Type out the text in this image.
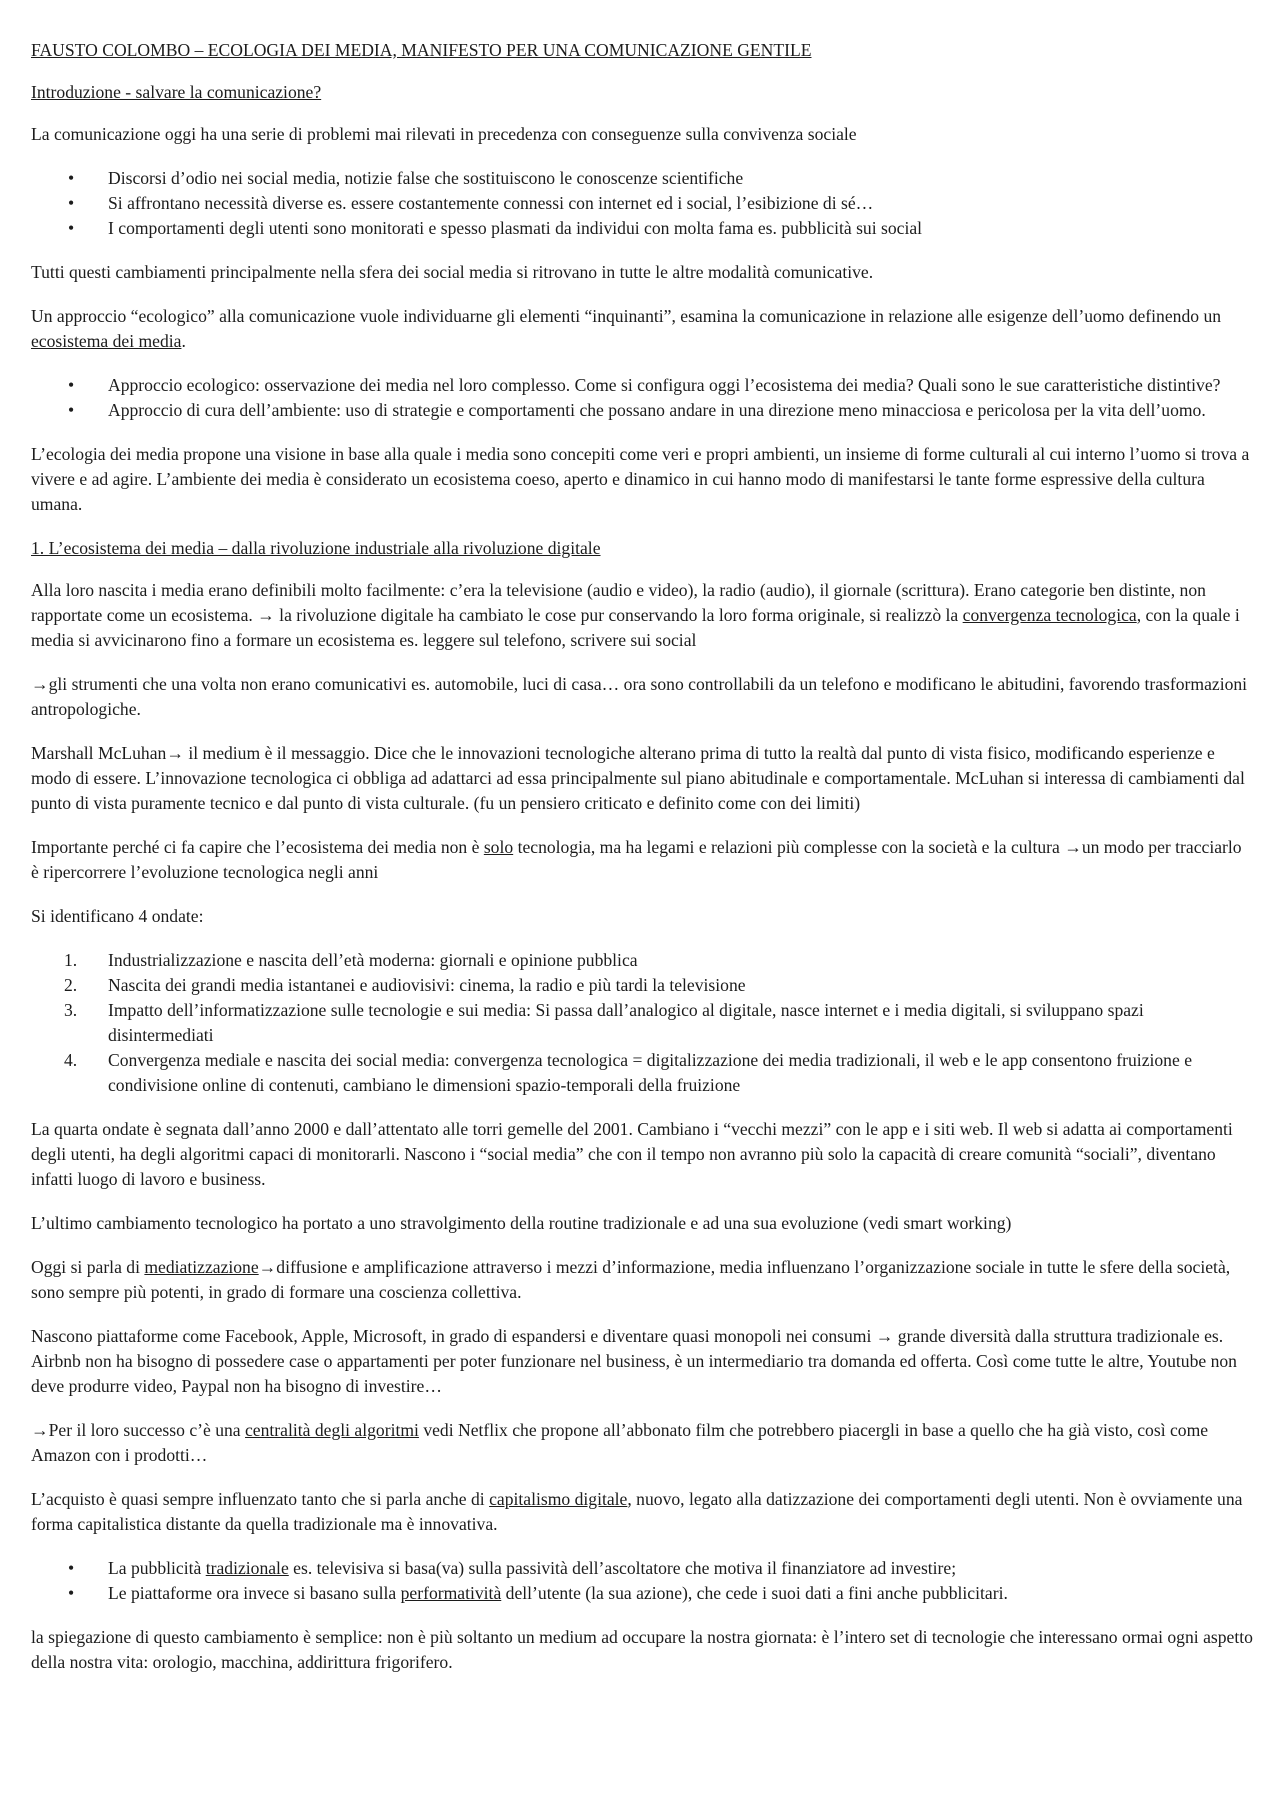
FAUSTO COLOMBO – ECOLOGIA DEI MEDIA, MANIFESTO PER UNA COMUNICAZIONE GENTILE

Introduzione - salvare la comunicazione?

La comunicazione oggi ha una serie di problemi mai rilevati in precedenza con conseguenze sulla convivenza sociale

•	Discorsi d’odio nei social media, notizie false che sostituiscono le conoscenze scientifiche
•	Si affrontano necessità diverse es. essere costantemente connessi con internet ed i social, l’esibizione di sé…
•	I comportamenti degli utenti sono monitorati e spesso plasmati da individui con molta fama es. pubblicità sui social

Tutti questi cambiamenti principalmente nella sfera dei social media si ritrovano in tutte le altre modalità comunicative.

Un approccio “ecologico” alla comunicazione vuole individuarne gli elementi “inquinanti”, esamina la comunicazione in relazione alle esigenze dell’uomo definendo un ecosistema dei media.

•	Approccio ecologico: osservazione dei media nel loro complesso. Come si configura oggi l’ecosistema dei media? Quali sono le sue caratteristiche distintive?
•	Approccio di cura dell’ambiente: uso di strategie e comportamenti che possano andare in una direzione meno minacciosa e pericolosa per la vita dell’uomo.

L’ecologia dei media propone una visione in base alla quale i media sono concepiti come veri e propri ambienti, un insieme di forme culturali al cui interno l’uomo si trova a vivere e ad agire. L’ambiente dei media è considerato un ecosistema coeso, aperto e dinamico in cui hanno modo di manifestarsi le tante forme espressive della cultura umana.

1. L’ecosistema dei media – dalla rivoluzione industriale alla rivoluzione digitale

Alla loro nascita i media erano definibili molto facilmente: c’era la televisione (audio e video), la radio (audio), il giornale (scrittura). Erano categorie ben distinte, non rapportate come un ecosistema. → la rivoluzione digitale ha cambiato le cose pur conservando la loro forma originale, si realizzò la convergenza tecnologica, con la quale i media si avvicinarono fino a formare un ecosistema es. leggere sul telefono, scrivere sui social

→gli strumenti che una volta non erano comunicativi es. automobile, luci di casa… ora sono controllabili da un telefono e modificano le abitudini, favorendo trasformazioni antropologiche.

Marshall McLuhan→ il medium è il messaggio. Dice che le innovazioni tecnologiche alterano prima di tutto la realtà dal punto di vista fisico, modificando esperienze e modo di essere. L’innovazione tecnologica ci obbliga ad adattarci ad essa principalmente sul piano abitudinale e comportamentale. McLuhan si interessa di cambiamenti dal punto di vista puramente tecnico e dal punto di vista culturale. (fu un pensiero criticato e definito come con dei limiti)

Importante perché ci fa capire che l’ecosistema dei media non è solo tecnologia, ma ha legami e relazioni più complesse con la società e la cultura →un modo per tracciarlo è ripercorrere l’evoluzione tecnologica negli anni

Si identificano 4 ondate:

1.	Industrializzazione e nascita dell’età moderna: giornali e opinione pubblica
2.	Nascita dei grandi media istantanei e audiovisivi: cinema, la radio e più tardi la televisione
3.	Impatto dell’informatizzazione sulle tecnologie e sui media: Si passa dall’analogico al digitale, nasce internet e i media digitali, si sviluppano spazi disintermediati
4.	Convergenza mediale e nascita dei social media: convergenza tecnologica = digitalizzazione dei media tradizionali, il web e le app consentono fruizione e condivisione online di contenuti, cambiano le dimensioni spazio-temporali della fruizione

La quarta ondate è segnata dall’anno 2000 e dall’attentato alle torri gemelle del 2001. Cambiano i “vecchi mezzi” con le app e i siti web. Il web si adatta ai comportamenti degli utenti, ha degli algoritmi capaci di monitorarli. Nascono i “social media” che con il tempo non avranno più solo la capacità di creare comunità “sociali”, diventano infatti luogo di lavoro e business.

L’ultimo cambiamento tecnologico ha portato a uno stravolgimento della routine tradizionale e ad una sua evoluzione (vedi smart working)

Oggi si parla di mediatizzazione→diffusione e amplificazione attraverso i mezzi d’informazione, media influenzano l’organizzazione sociale in tutte le sfere della società, sono sempre più potenti, in grado di formare una coscienza collettiva.

Nascono piattaforme come Facebook, Apple, Microsoft, in grado di espandersi e diventare quasi monopoli nei consumi → grande diversità dalla struttura tradizionale es. Airbnb non ha bisogno di possedere case o appartamenti per poter funzionare nel business, è un intermediario tra domanda ed offerta. Così come tutte le altre, Youtube non deve produrre video, Paypal non ha bisogno di investire…

→Per il loro successo c’è una centralità degli algoritmi vedi Netflix che propone all’abbonato film che potrebbero piacergli in base a quello che ha già visto, così come Amazon con i prodotti…

L’acquisto è quasi sempre influenzato tanto che si parla anche di capitalismo digitale, nuovo, legato alla datizzazione dei comportamenti degli utenti. Non è ovviamente una forma capitalistica distante da quella tradizionale ma è innovativa.

•	La pubblicità tradizionale es. televisiva si basa(va) sulla passività dell’ascoltatore che motiva il finanziatore ad investire;
•	Le piattaforme ora invece si basano sulla performatività dell’utente (la sua azione), che cede i suoi dati a fini anche pubblicitari.

la spiegazione di questo cambiamento è semplice: non è più soltanto un medium ad occupare la nostra giornata: è l’intero set di tecnologie che interessano ormai ogni aspetto della nostra vita: orologio, macchina, addirittura frigorifero.
